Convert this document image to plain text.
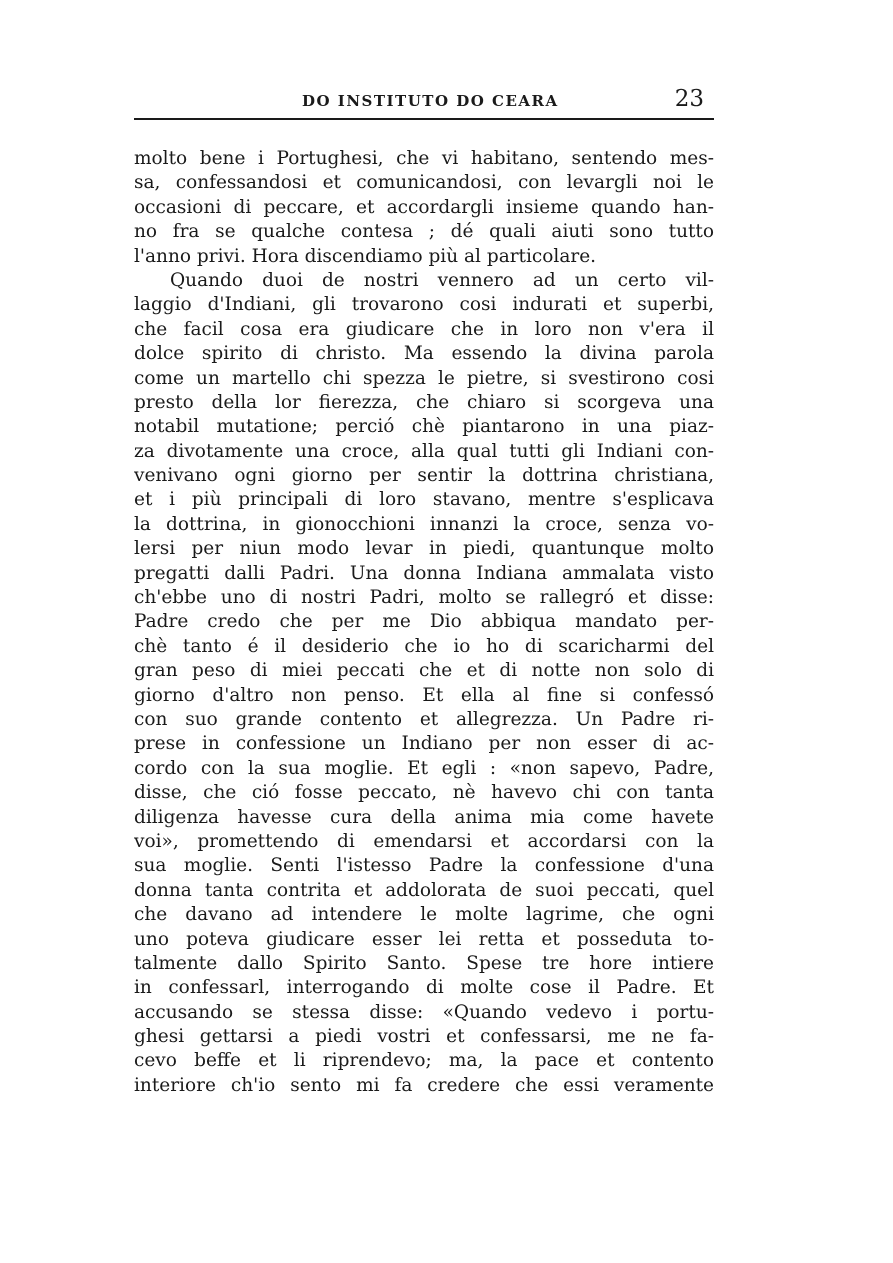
DO INSTITUTO DO CEARA	23
molto bene i Portughesi, che vi habitano, sentendo mes-
sa, confessandosi et comunicandosi, con levargli noi le
occasioni di peccare, et accordargli insieme quando han-
no fra se qualche contesa ; dé quali aiuti sono tutto
l'anno privi. Hora discendiamo più al particolare.
Quando duoi de nostri vennero ad un certo vil-
laggio d'Indiani, gli trovarono cosi indurati et superbi,
che facil cosa era giudicare che in loro non v'era il
dolce spirito di christo. Ma essendo la divina parola
come un martello chi spezza le pietre, si svestirono cosi
presto della lor fierezza, che chiaro si scorgeva una
notabil mutatione; perció chè piantarono in una piaz-
za divotamente una croce, alla qual tutti gli Indiani con-
venivano ogni giorno per sentir la dottrina christiana,
et i più principali di loro stavano, mentre s'esplicava
la dottrina, in gionocchioni innanzi la croce, senza vo-
lersi per niun modo levar in piedi, quantunque molto
pregatti dalli Padri. Una donna Indiana ammalata visto
ch'ebbe uno di nostri Padri, molto se rallegró et disse:
Padre credo che per me Dio abbiqua mandato per-
chè tanto é il desiderio che io ho di scaricharmi del
gran peso di miei peccati che et di notte non solo di
giorno d'altro non penso. Et ella al fine si confessó
con suo grande contento et allegrezza. Un Padre ri-
prese in confessione un Indiano per non esser di ac-
cordo con la sua moglie. Et egli : «non sapevo, Padre,
disse, che ció fosse peccato, nè havevo chi con tanta
diligenza havesse cura della anima mia come havete
voi», promettendo di emendarsi et accordarsi con la
sua moglie. Senti l'istesso Padre la confessione d'una
donna tanta contrita et addolorata de suoi peccati, quel
che davano ad intendere le molte lagrime, che ogni
uno poteva giudicare esser lei retta et posseduta to-
talmente dallo Spirito Santo. Spese tre hore intiere
in confessarl, interrogando di molte cose il Padre. Et
accusando se stessa disse: «Quando vedevo i portu-
ghesi gettarsi a piedi vostri et confessarsi, me ne fa-
cevo beffe et li riprendevo; ma, la pace et contento
interiore ch'io sento mi fa credere che essi veramente
